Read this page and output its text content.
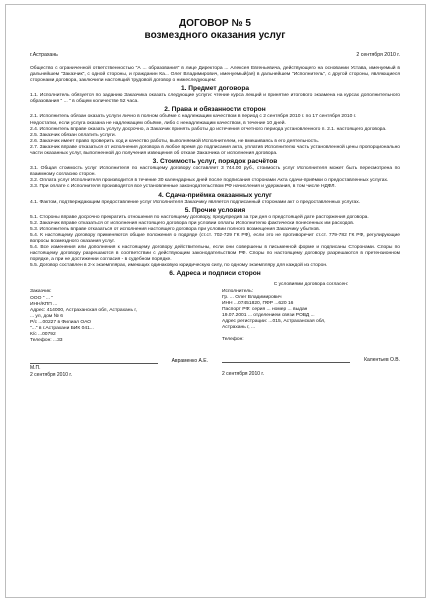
ДОГОВОР № 5
возмездного оказания услуг
г.Астрахань	2 сентября 2010 г.

Общество с ограниченной ответственностью "А ... образования" в лице Директора ... Алексея Евгеньевича, действующего на основании Устава, именуемый в дальнейшем "Заказчик", с одной стороны, и гражданин Ка... Олег Владимирович, именуемый(ая) в дальнейшем "Исполнитель", с другой стороны, являющиеся сторонами договора, заключили настоящий трудовой договор о нижеследующем:

1. Предмет договора

1.1. Исполнитель обязуется по заданию Заказчика оказать следующие услуги: чтение курса лекций и принятие итогового экзамена на курсах дополнительного образования " ... " в общем количестве 52 часа.

2. Права и обязанности сторон

2.1. Исполнитель обязан оказать услуги лично в полном объёме с надлежащим качеством в период с 2 сентября 2010 г. по 17 сентября 2010 г.

Недостатки, если услуга оказана не надлежащем объёме, либо с ненадлежащим качеством, в течение 10 дней.

2.4. Исполнитель вправе оказать услугу досрочно, а Заказчик принять работы до истечения отчетного периода установленного п. 2.1. настоящего договора.

2.5. Заказчик обязан оплатить услуги.

2.6. Заказчик имеет право проверить ход и качество работы, выполняемой Исполнителем, не вмешиваясь в его деятельность.

2.7. Заказчик вправе отказаться от исполнения договора в любое время до подписания акта, уплатив Исполнителю часть установленной цены пропорционально части оказанных услуг, выполненной до получения извещения об отказе Заказчика от исполнения договора.

3. Стоимость услуг, порядок расчётов

3.1. Общая стоимость услуг Исполнителя по настоящему договору составляет 3 744.00 руб., стоимость услуг Исполнителя может быть пересмотрена по взаимному согласию сторон.

3.2. Оплата услуг Исполнителя производится в течение 30 календарных дней после подписания сторонами Акта сдачи-приёмки о предоставленных услугах.

3.3. При оплате с Исполнителя производятся все установленные законодательством РФ начисления и удержания, в том числе НДФЛ.

4. Сдача-приёмка оказанных услуг

4.1. Фактом, подтверждающим предоставление услуг Исполнителя Заказчику является подписанный сторонами акт о предоставленных услугах.

5. Прочие условия

5.1. Стороны вправе досрочно прекратить отношения по настоящему договору, предупредив за три дня о предстоящей дате расторжения договора.

5.2. Заказчик вправе отказаться от исполнения настоящего договора при условии оплаты Исполнителю фактически понесенных им расходов.

5.3. Исполнитель вправе отказаться от исполнения настоящего договора при условии полного возмещения Заказчику убытков.

5.4. К настоящему договору применяются общие положения о подряде (ст.ст. 702-729 ГК РФ), если это не противоречит ст.ст. 779-782 ГК РФ, регулирующие вопросы возмездного оказания услуг.

5.4. Все изменения или дополнения к настоящему договору действительны, если они совершены в письменной форме и подписаны Сторонами. Споры по настоящему договору разрешаются в соответствии с действующим законодательством РФ. Споры по настоящему договору разрешаются в претензионном порядке, а при не достижении согласия - в судебном порядке.

5.5. Договор составлен в 2-х экземплярах, имеющих одинаковую юридическую силу, по одному экземпляру для каждой из сторон.

6. Адреса и подписи сторон

Заказчик:

ООО " ... "

ИНН/КПП ...

Адрес: 414000, Астраханская обл, Астрахань г,

... ул, дом № 6

Р/с ...00227 в Филиал ОАО

"..." в г.Астрахани БИК 041...

К/с ...00792

Телефон: ...33

Авраменко А.Е.
М.П.
2 сентября 2010 г.

С условиями договора согласен:

Исполнитель:

Гр. ... Олег Владимирович

ИНН ...07451820, ПФР ...620 16

Паспорт РФ: серия ... номер ... выдан

19.07.2001 ... отделением связи РОВД ...

Адрес регистрации: ...015, Астраханская обл,

Астрахань г, ...

Телефон:

Калентьев О.В.
2 сентября 2010 г.
